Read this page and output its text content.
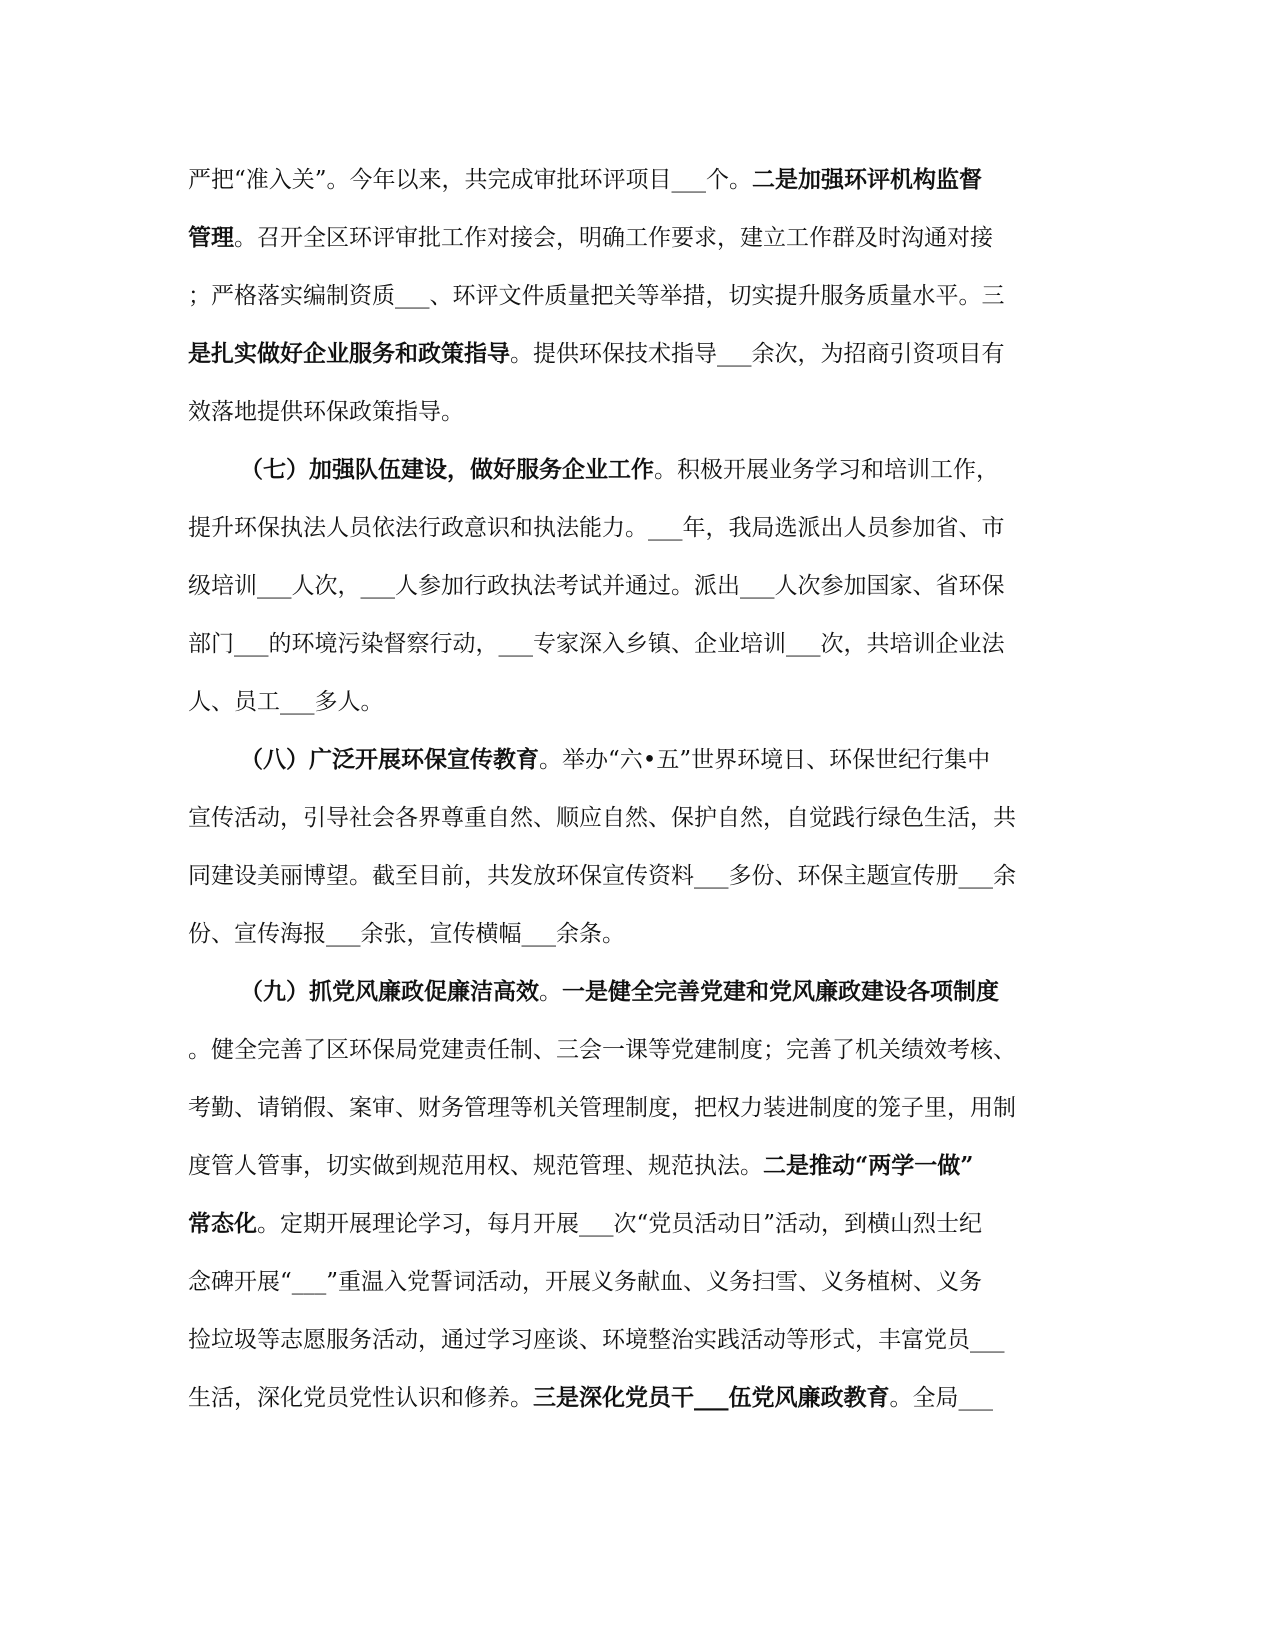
严把“准入关”。今年以来，共完成审批环评项目___个。二是加强环评机构监督
管理。召开全区环评审批工作对接会，明确工作要求，建立工作群及时沟通对接
；严格落实编制资质___、环评文件质量把关等举措，切实提升服务质量水平。三
是扎实做好企业服务和政策指导。提供环保技术指导___余次，为招商引资项目有
效落地提供环保政策指导。
（七）加强队伍建设，做好服务企业工作。积极开展业务学习和培训工作，
提升环保执法人员依法行政意识和执法能力。___年，我局选派出人员参加省、市
级培训___人次，___人参加行政执法考试并通过。派出___人次参加国家、省环保
部门___的环境污染督察行动，___专家深入乡镇、企业培训___次，共培训企业法
人、员工___多人。
（八）广泛开展环保宣传教育。举办“六•五”世界环境日、环保世纪行集中
宣传活动，引导社会各界尊重自然、顺应自然、保护自然，自觉践行绿色生活，共
同建设美丽博望。截至目前，共发放环保宣传资料___多份、环保主题宣传册___余
份、宣传海报___余张，宣传横幅___余条。
（九）抓党风廉政促廉洁高效。一是健全完善党建和党风廉政建设各项制度
。健全完善了区环保局党建责任制、三会一课等党建制度；完善了机关绩效考核、
考勤、请销假、案审、财务管理等机关管理制度，把权力装进制度的笼子里，用制
度管人管事，切实做到规范用权、规范管理、规范执法。二是推动“两学一做”
常态化。定期开展理论学习，每月开展___次“党员活动日”活动，到横山烈士纪
念碑开展“___”重温入党誓词活动，开展义务献血、义务扫雪、义务植树、义务
捡垃圾等志愿服务活动，通过学习座谈、环境整治实践活动等形式，丰富党员___
生活，深化党员党性认识和修养。三是深化党员干___伍党风廉政教育。全局___
